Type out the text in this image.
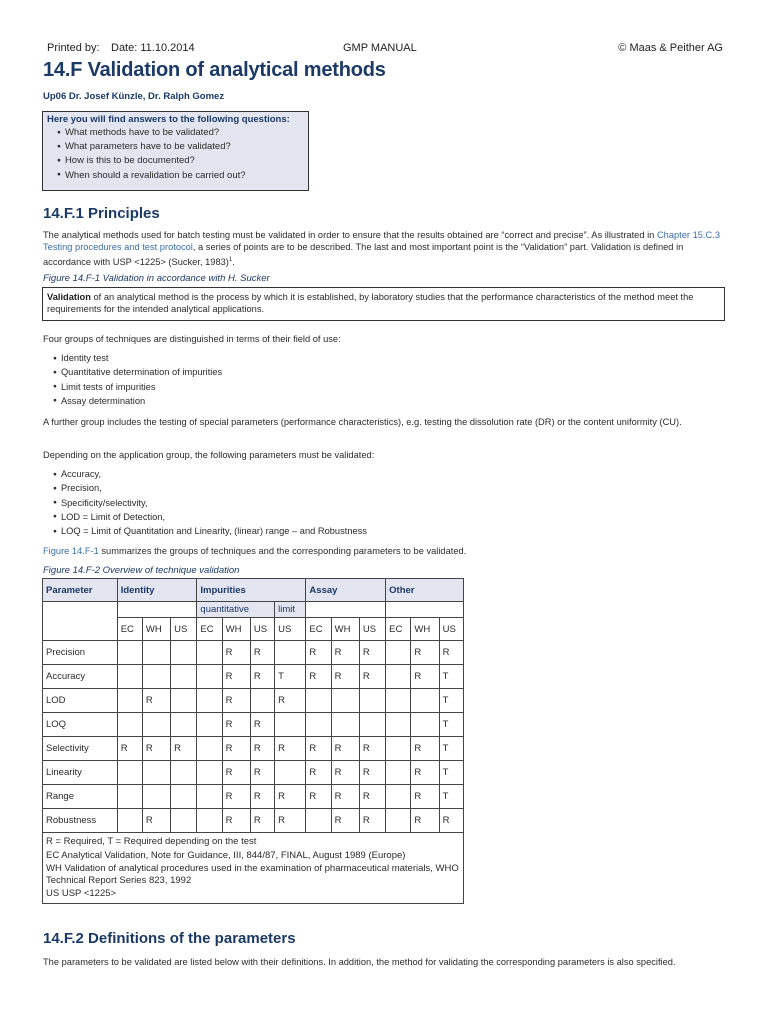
Printed by: Date: 11.10.2014	GMP MANUAL	© Maas & Peither AG
14.F Validation of analytical methods
Up06 Dr. Josef Künzle, Dr. Ralph Gomez
Here you will find answers to the following questions:
● What methods have to be validated?
● What parameters have to be validated?
● How is this to be documented?
● When should a revalidation be carried out?
14.F.1 Principles
The analytical methods used for batch testing must be validated in order to ensure that the results obtained are “correct and precise”. As illustrated in Chapter 15.C.3 Testing procedures and test protocol, a series of points are to be described. The last and most important point is the “Validation” part. Validation is defined in accordance with USP <1225> (Sucker, 1983)$^1$.
Figure 14.F-1 Validation in accordance with H. Sucker
Validation of an analytical method is the process by which it is established, by laboratory studies that the performance characteristics of the method meet the requirements for the intended analytical applications.
Four groups of techniques are distinguished in terms of their field of use:
● Identity test
● Quantitative determination of impurities
● Limit tests of impurities
● Assay determination
A further group includes the testing of special parameters (performance characteristics), e.g. testing the dissolution rate (DR) or the content uniformity (CU).
Depending on the application group, the following parameters must be validated:
● Accuracy,
● Precision,
● Specificity/selectivity,
● LOD = Limit of Detection,
● LOQ = Limit of Quantitation and Linearity, (linear) range – and Robustness
Figure 14.F-1 summarizes the groups of techniques and the corresponding parameters to be validated.
Figure 14.F-2 Overview of technique validation
Parameter	Identity			Impurities				Assay			Other		
				quantitative			limit						
	EC	WH	US	EC	WH	US	US	EC	WH	US	EC	WH	US
Precision					R	R		R	R	R		R	R
Accuracy					R	R	T	R	R	R		R	T
LOD		R			R		R						T
LOQ					R	R							T
Selectivity	R	R	R		R	R	R	R	R	R		R	T
Linearity					R	R		R	R	R		R	T
Range					R	R	R	R	R	R		R	T
Robustness		R			R	R	R		R	R		R	R

R = Required, T = Required depending on the test
EC Analytical Validation, Note for Guidance, III, 844/87, FINAL, August 1989 (Europe)
WH Validation of analytical procedures used in the examination of pharmaceutical materials, WHO Technical Report Series 823, 1992
US USP <1225>													
14.F.2 Definitions of the parameters
The parameters to be validated are listed below with their definitions. In addition, the method for validating the corresponding parameters is also specified.
